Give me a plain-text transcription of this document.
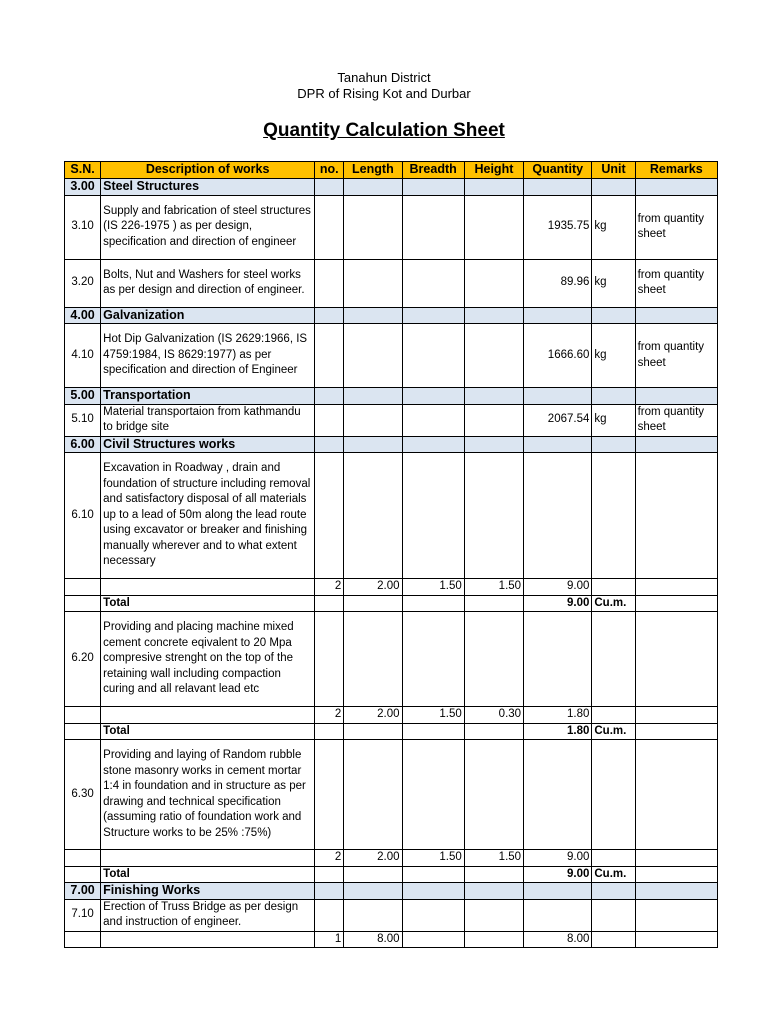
Tanahun District
DPR of Rising Kot and Durbar
Quantity Calculation Sheet
S.N.	Description of works	no.	Length	Breadth	Height	Quantity	Unit	Remarks
3.00	Steel Structures							
3.10	Supply and fabrication of steel structures (IS 226-1975 ) as per design, specification and direction of engineer					1935.75	kg	from quantity sheet
3.20	Bolts, Nut and Washers for steel works as per design and direction of engineer.					89.96	kg	from quantity sheet
4.00	Galvanization							
4.10	Hot Dip Galvanization (IS 2629:1966, IS 4759:1984, IS 8629:1977) as per specification and direction of Engineer					1666.60	kg	from quantity sheet
5.00	Transportation							
5.10	Material transportaion from kathmandu to bridge site					2067.54	kg	from quantity sheet
6.00	Civil Structures works							
6.10	Excavation in Roadway , drain and foundation of structure including removal and satisfactory disposal of all materials up to a lead of 50m along the lead route using excavator or breaker and finishing manually wherever and to what extent necessary							
		2	2.00	1.50	1.50	9.00		
	Total					9.00	Cu.m.	
6.20	Providing and placing machine mixed cement concrete eqivalent to 20 Mpa compresive strenght on the top of the retaining wall including compaction curing and all relavant lead etc							
		2	2.00	1.50	0.30	1.80		
	Total					1.80	Cu.m.	
6.30	Providing and laying of Random rubble stone masonry works in cement mortar 1:4 in foundation and in structure as per drawing and technical specification (assuming ratio of foundation work and Structure works to be 25% :75%)							
		2	2.00	1.50	1.50	9.00		
	Total					9.00	Cu.m.	
7.00	Finishing Works							
7.10	Erection of Truss Bridge as per design and instruction of engineer.							
		1	8.00			8.00		
